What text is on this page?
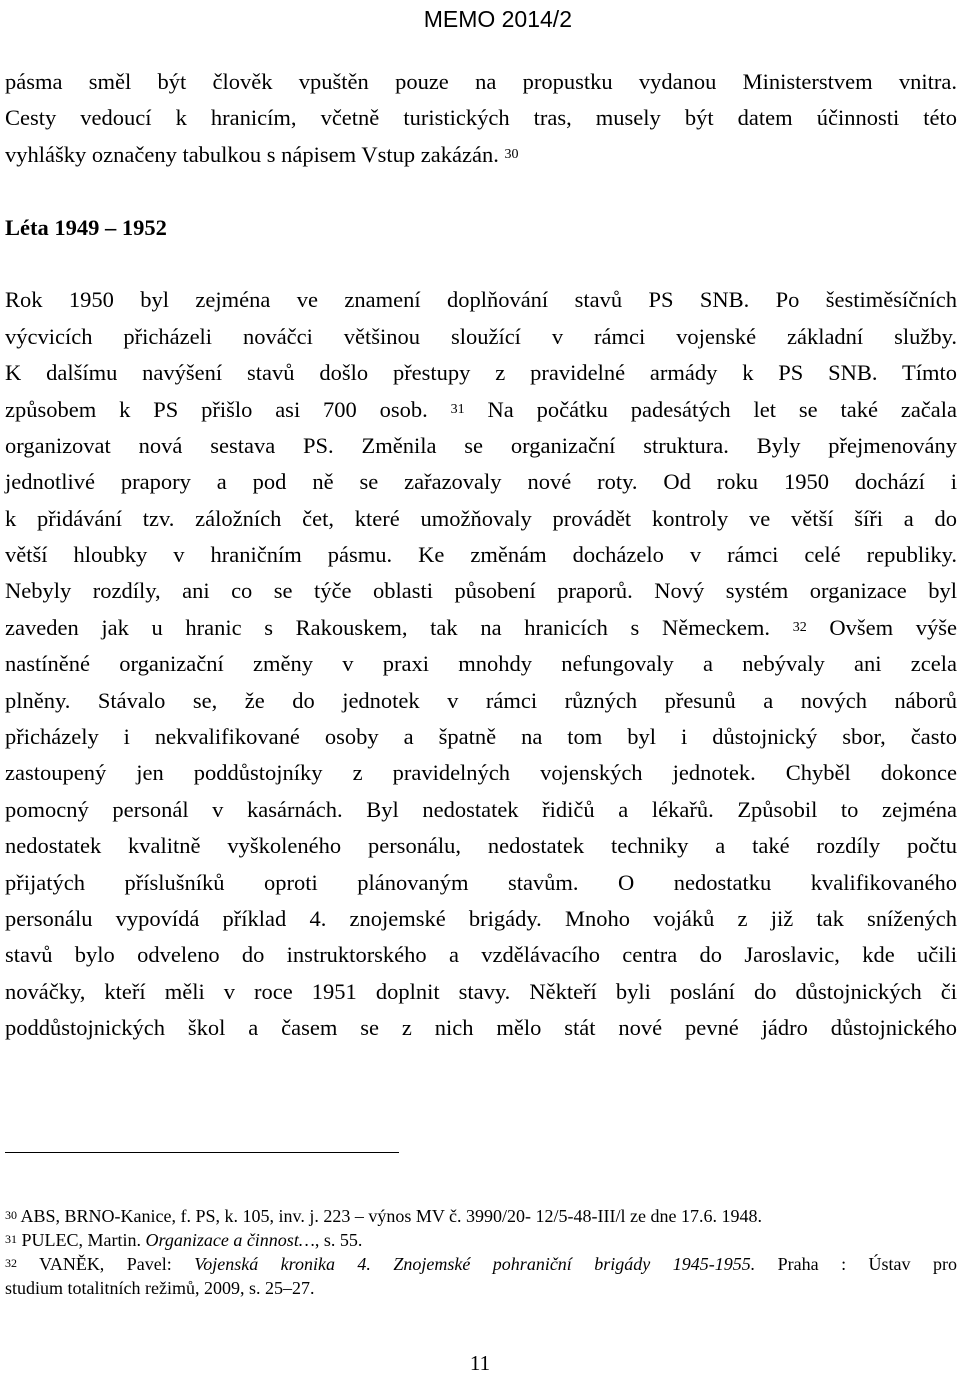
MEMO 2014/2
pásma směl být člověk vpuštěn pouze na propustku vydanou Ministerstvem vnitra.
Cesty vedoucí k hranicím, včetně turistických tras, musely být datem účinnosti této
vyhlášky označeny tabulkou s nápisem Vstup zakázán. $^{30}$
Léta 1949 – 1952
Rok 1950 byl zejména ve znamení doplňování stavů PS SNB. Po šestiměsíčních
výcvicích přicházeli nováčci většinou sloužící v rámci vojenské základní služby.
K dalšímu navýšení stavů došlo přestupy z pravidelné armády k PS SNB. Tímto
způsobem k PS přišlo asi 700 osob. $^{31}$ Na počátku padesátých let se také začala
organizovat nová sestava PS. Změnila se organizační struktura. Byly přejmenovány
jednotlivé prapory a pod ně se zařazovaly nové roty. Od roku 1950 dochází i
k přidávání tzv. záložních čet, které umožňovaly provádět kontroly ve větší šíři a do
větší hloubky v hraničním pásmu. Ke změnám docházelo v rámci celé republiky.
Nebyly rozdíly, ani co se týče oblasti působení praporů. Nový systém organizace byl
zaveden jak u hranic s Rakouskem, tak na hranicích s Německem. $^{32}$ Ovšem výše
nastíněné organizační změny v praxi mnohdy nefungovaly a nebývaly ani zcela
plněny. Stávalo se, že do jednotek v rámci různých přesunů a nových náborů
přicházely i nekvalifikované osoby a špatně na tom byl i důstojnický sbor, často
zastoupený jen poddůstojníky z pravidelných vojenských jednotek. Chyběl dokonce
pomocný personál v kasárnách. Byl nedostatek řidičů a lékařů. Způsobil to zejména
nedostatek kvalitně vyškoleného personálu, nedostatek techniky a také rozdíly počtu
přijatých příslušníků oproti plánovaným stavům. O nedostatku kvalifikovaného
personálu vypovídá příklad 4. znojemské brigády. Mnoho vojáků z již tak snížených
stavů bylo odveleno do instruktorského a vzdělávacího centra do Jaroslavic, kde učili
nováčky, kteří měli v roce 1951 doplnit stavy. Někteří byli poslání do důstojnických či
poddůstojnických škol a časem se z nich mělo stát nové pevné jádro důstojnického
$^{30}$ ABS, BRNO-Kanice, f. PS, k. 105, inv. j. 223 – výnos MV č. 3990/20- 12/5-48-III/l ze dne 17.6. 1948.
$^{31}$ PULEC, Martin. Organizace a činnost…, s. 55.
$^{32}$ VANĚK, Pavel: Vojenská kronika 4. Znojemské pohraniční brigády 1945-1955. Praha : Ústav pro
studium totalitních režimů, 2009, s. 25–27.
11
